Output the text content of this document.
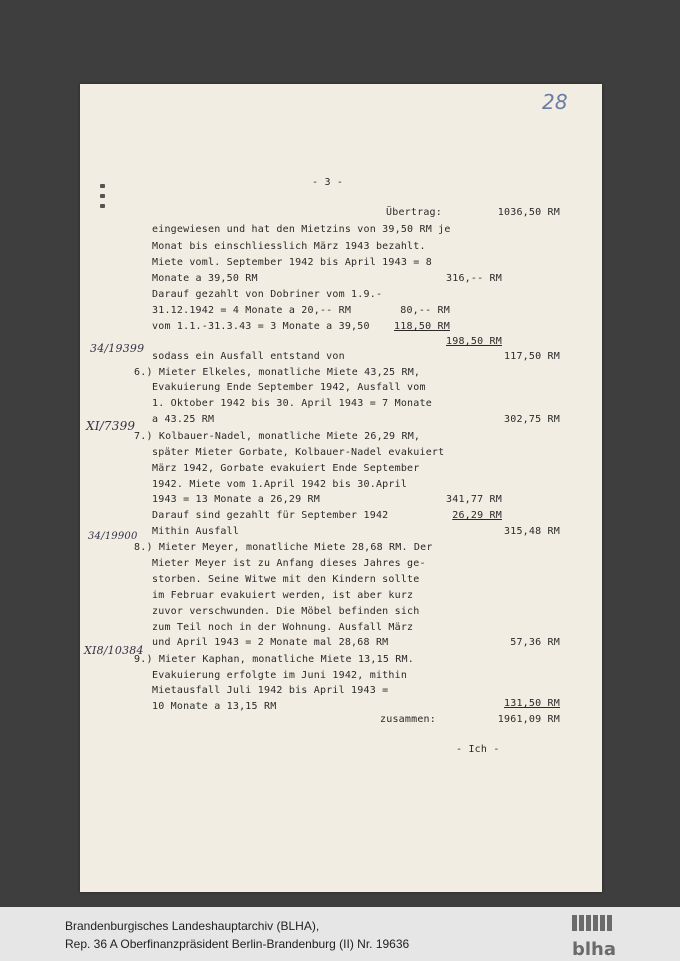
28
- 3 -
Übertrag:	1036,50 RM
eingewiesen und hat den Mietzins von 39,50 RM je
Monat bis einschliesslich März 1943 bezahlt.
Miete voml. September 1942 bis April 1943 = 8
Monate a 39,50 RM	316,-- RM
Darauf gezahlt von Dobriner vom 1.9.-
31.12.1942 = 4 Monate a 20,-- RM	80,-- RM
vom 1.1.-31.3.43 = 3 Monate a 39,50	118,50 RM
198,50 RM
34/19399
sodass ein Ausfall entstand von	117,50 RM
6.) Mieter Elkeles, monatliche Miete 43,25 RM,
Evakuierung Ende September 1942, Ausfall vom
1. Oktober 1942 bis 30. April 1943 = 7 Monate
a 43.25 RM	302,75 RM
XI/7399
7.) Kolbauer-Nadel, monatliche Miete 26,29 RM,
später Mieter Gorbate, Kolbauer-Nadel evakuiert
März 1942, Gorbate evakuiert Ende September
1942. Miete vom 1.April 1942 bis 30.April
1943 = 13 Monate a 26,29 RM	341,77 RM
Darauf sind gezahlt für September 1942	26,29 RM
Mithin Ausfall	315,48 RM
34/19900
8.) Mieter Meyer, monatliche Miete 28,68 RM. Der
Mieter Meyer ist zu Anfang dieses Jahres ge-
storben. Seine Witwe mit den Kindern sollte
im Februar evakuiert werden, ist aber kurz
zuvor verschwunden. Die Möbel befinden sich
zum Teil noch in der Wohnung. Ausfall März
und April 1943 = 2 Monate mal 28,68 RM	57,36 RM
XI8/10384
9.) Mieter Kaphan, monatliche Miete 13,15 RM.
Evakuierung erfolgte im Juni 1942, mithin
Mietausfall Juli 1942 bis April 1943 =
10 Monate a 13,15 RM	131,50 RM
zusammen:	1961,09 RM
- Ich -
Brandenburgisches Landeshauptarchiv (BLHA),
Rep. 36 A Oberfinanzpräsident Berlin-Brandenburg (II) Nr. 19636	blha
